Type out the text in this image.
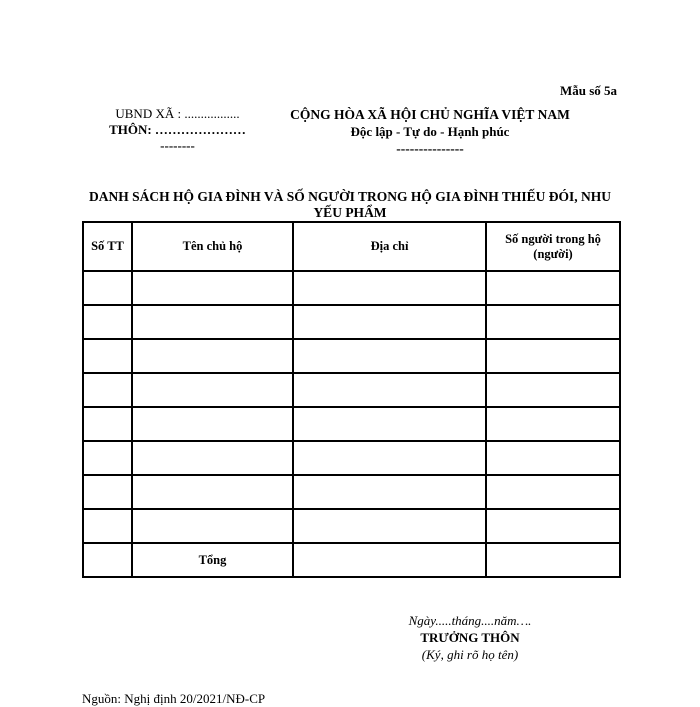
Mẫu số 5a
UBND XÃ : .................
THÔN: …………………
--------
CỘNG HÒA XÃ HỘI CHỦ NGHĨA VIỆT NAM
Độc lập - Tự do - Hạnh phúc
---------------
DANH SÁCH HỘ GIA ĐÌNH VÀ SỐ NGƯỜI TRONG HỘ GIA ĐÌNH THIẾU ĐÓI, NHU YẾU PHẨM
Số TT	Tên chủ hộ	Địa chỉ	Số người trong hộ (người)

	Tổng		
Ngày.....tháng....năm….
TRƯỞNG THÔN
(Ký, ghi rõ họ tên)
Nguồn: Nghị định 20/2021/NĐ-CP
